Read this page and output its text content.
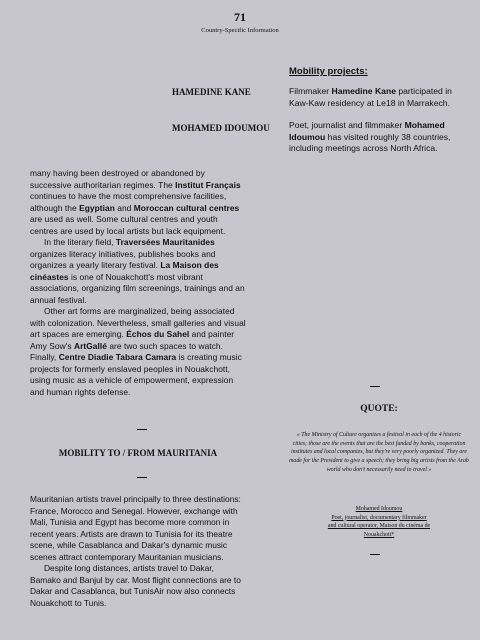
71
Country-Specific Information
HAMEDINE KANE
MOHAMED IDOUMOU
Mobility projects:
Filmmaker Hamedine Kane participated in Kaw-Kaw residency at Le18 in Marrakech.
Poet, journalist and filmmaker Mohamed Idoumou has visited roughly 38 countries, including meetings across North Africa.

many having been destroyed or abandoned by successive authoritarian regimes. The Institut Français continues to have the most comprehensive facilities, although the Egyptian and Moroccan cultural centres are used as well. Some cultural centres and youth centres are used by local artists but lack equipment.

In the literary field, Traversées Mauritanides organizes literacy initiatives, publishes books and organizes a yearly literary festival. La Maison des cinéastes is one of Nouakchott's most vibrant associations, organizing film screenings, trainings and an annual festival.

Other art forms are marginalized, being associated with colonization. Nevertheless, small galleries and visual art spaces are emerging. Échos du Sahel and painter Amy Sow's ArtGallé are two such spaces to watch. Finally, Centre Diadie Tabara Camara is creating music projects for formerly enslaved peoples in Nouakchott, using music as a vehicle of empowerment, expression and human rights defense.

—
MOBILITY TO / FROM MAURITANIA
—

Mauritanian artists travel principally to three destinations: France, Morocco and Senegal. However, exchange with Mali, Tunisia and Egypt has become more common in recent years. Artists are drawn to Tunisia for its theatre scene, while Casablanca and Dakar's dynamic music scenes attract contemporary Mauritanian musicians.

Despite long distances, artists travel to Dakar, Bamako and Banjul by car. Most flight connections are to Dakar and Casablanca, but TunisAir now also connects Nouakchott to Tunis.

—
QUOTE:
« The Ministry of Culture organizes a festival in each of the 4 historic cities; those are the events that are the best funded by banks, cooperation institutes and local companies, but they're very poorly organized. They are made for the President to give a speech; they bring big artists from the Arab world who don't necessarily need to travel »
Mohamed Idoumou
Poet, journalist, documentary filmmaker
and cultural operator, Maison du cinéma de
Nouakchott*
—
